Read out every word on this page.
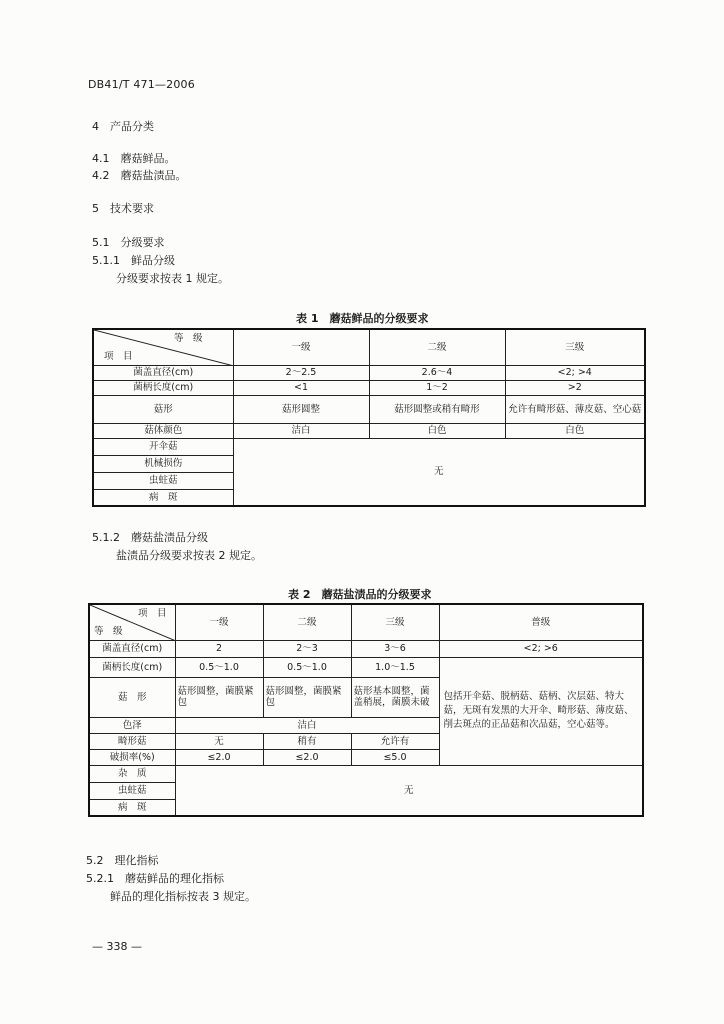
DB41/T 471—2006
4　产品分类
4.1　蘑菇鲜品。
4.2　蘑菇盐渍品。
5　技术要求
5.1　分级要求
5.1.1　鲜品分级
分级要求按表 1 规定。
表 1　蘑菇鲜品的分级要求
等　级
项　目	一级	二级	三级
菌盖直径(cm)	2～2.5	2.6～4	<2; >4
菌柄长度(cm)	<1	1～2	>2
菇形	菇形圆整	菇形圆整或稍有畸形	允许有畸形菇、薄皮菇、空心菇
菇体颜色	洁白	白色	白色
开伞菇	无		
机械损伤			
虫蛀菇			
病　斑			
5.1.2　蘑菇盐渍品分级
盐渍品分级要求按表 2 规定。
表 2　蘑菇盐渍品的分级要求
项　目
等　级	一级	二级	三级	普级
菌盖直径(cm)	2	2～3	3～6	<2; >6
菌柄长度(cm)	0.5～1.0	0.5～1.0	1.0～1.5	包括开伞菇、脱柄菇、菇柄、次层菇、特大菇，无斑有发黑的大开伞、畸形菇、薄皮菇、削去斑点的正品菇和次品菇，空心菇等。
菇　形	菇形圆整，菌膜紧包	菇形圆整，菌膜紧包	菇形基本圆整，菌盖稍展，菌膜未破	
色泽	洁白			
畸形菇	无	稍有	允许有	
破损率(%)	≤2.0	≤2.0	≤5.0	
杂　质	无			
虫蛀菇				
病　斑				
5.2　理化指标
5.2.1　蘑菇鲜品的理化指标
鲜品的理化指标按表 3 规定。
— 338 —
